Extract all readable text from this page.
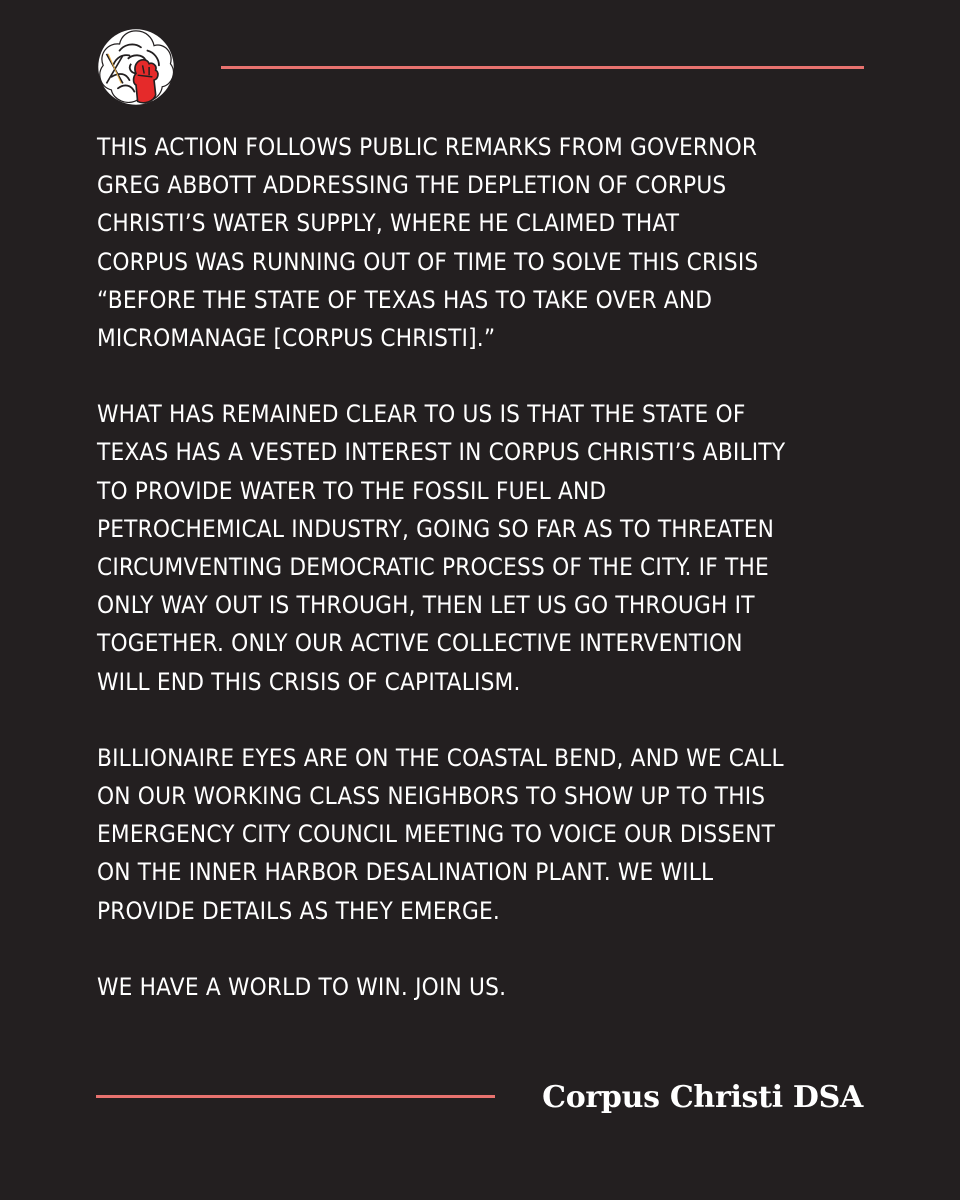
THIS ACTION FOLLOWS PUBLIC REMARKS FROM GOVERNOR
GREG ABBOTT ADDRESSING THE DEPLETION OF CORPUS
CHRISTI’S WATER SUPPLY, WHERE HE CLAIMED THAT
CORPUS WAS RUNNING OUT OF TIME TO SOLVE THIS CRISIS
“BEFORE THE STATE OF TEXAS HAS TO TAKE OVER AND
MICROMANAGE [CORPUS CHRISTI].”
WHAT HAS REMAINED CLEAR TO US IS THAT THE STATE OF
TEXAS HAS A VESTED INTEREST IN CORPUS CHRISTI’S ABILITY
TO PROVIDE WATER TO THE FOSSIL FUEL AND
PETROCHEMICAL INDUSTRY, GOING SO FAR AS TO THREATEN
CIRCUMVENTING DEMOCRATIC PROCESS OF THE CITY. IF THE
ONLY WAY OUT IS THROUGH, THEN LET US GO THROUGH IT
TOGETHER. ONLY OUR ACTIVE COLLECTIVE INTERVENTION
WILL END THIS CRISIS OF CAPITALISM.
BILLIONAIRE EYES ARE ON THE COASTAL BEND, AND WE CALL
ON OUR WORKING CLASS NEIGHBORS TO SHOW UP TO THIS
EMERGENCY CITY COUNCIL MEETING TO VOICE OUR DISSENT
ON THE INNER HARBOR DESALINATION PLANT. WE WILL
PROVIDE DETAILS AS THEY EMERGE.
WE HAVE A WORLD TO WIN. JOIN US.
Corpus Christi DSA
